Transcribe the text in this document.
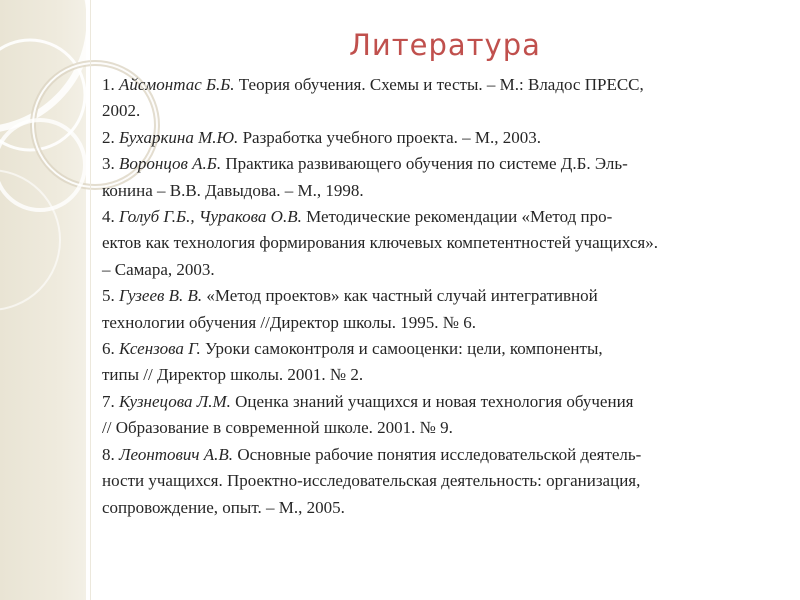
Литература
1. Айсмонтас Б.Б. Теория обучения. Схемы и тесты. – М.: Владос ПРЕСС,
2002.
2. Бухаркина М.Ю. Разработка учебного проекта. – М., 2003.
3. Воронцов А.Б. Практика развивающего обучения по системе Д.Б. Эль-
конина – В.В. Давыдова. – М., 1998.
4. Голуб Г.Б., Чуракова О.В. Методические рекомендации «Метод про-
ектов как технология формирования ключевых компетентностей учащихся».
– Самара, 2003.
5. Гузеев В. В. «Метод проектов» как частный случай интегративной
технологии обучения //Директор школы. 1995. № 6.
6. Ксензова Г. Уроки самоконтроля и самооценки: цели, компоненты,
типы // Директор школы. 2001. № 2.
7. Кузнецова Л.М. Оценка знаний учащихся и новая технология обучения
// Образование в современной школе. 2001. № 9.
8. Леонтович А.В. Основные рабочие понятия исследовательской деятель-
ности учащихся. Проектно-исследовательская деятельность: организация,
сопровождение, опыт. – М., 2005.
